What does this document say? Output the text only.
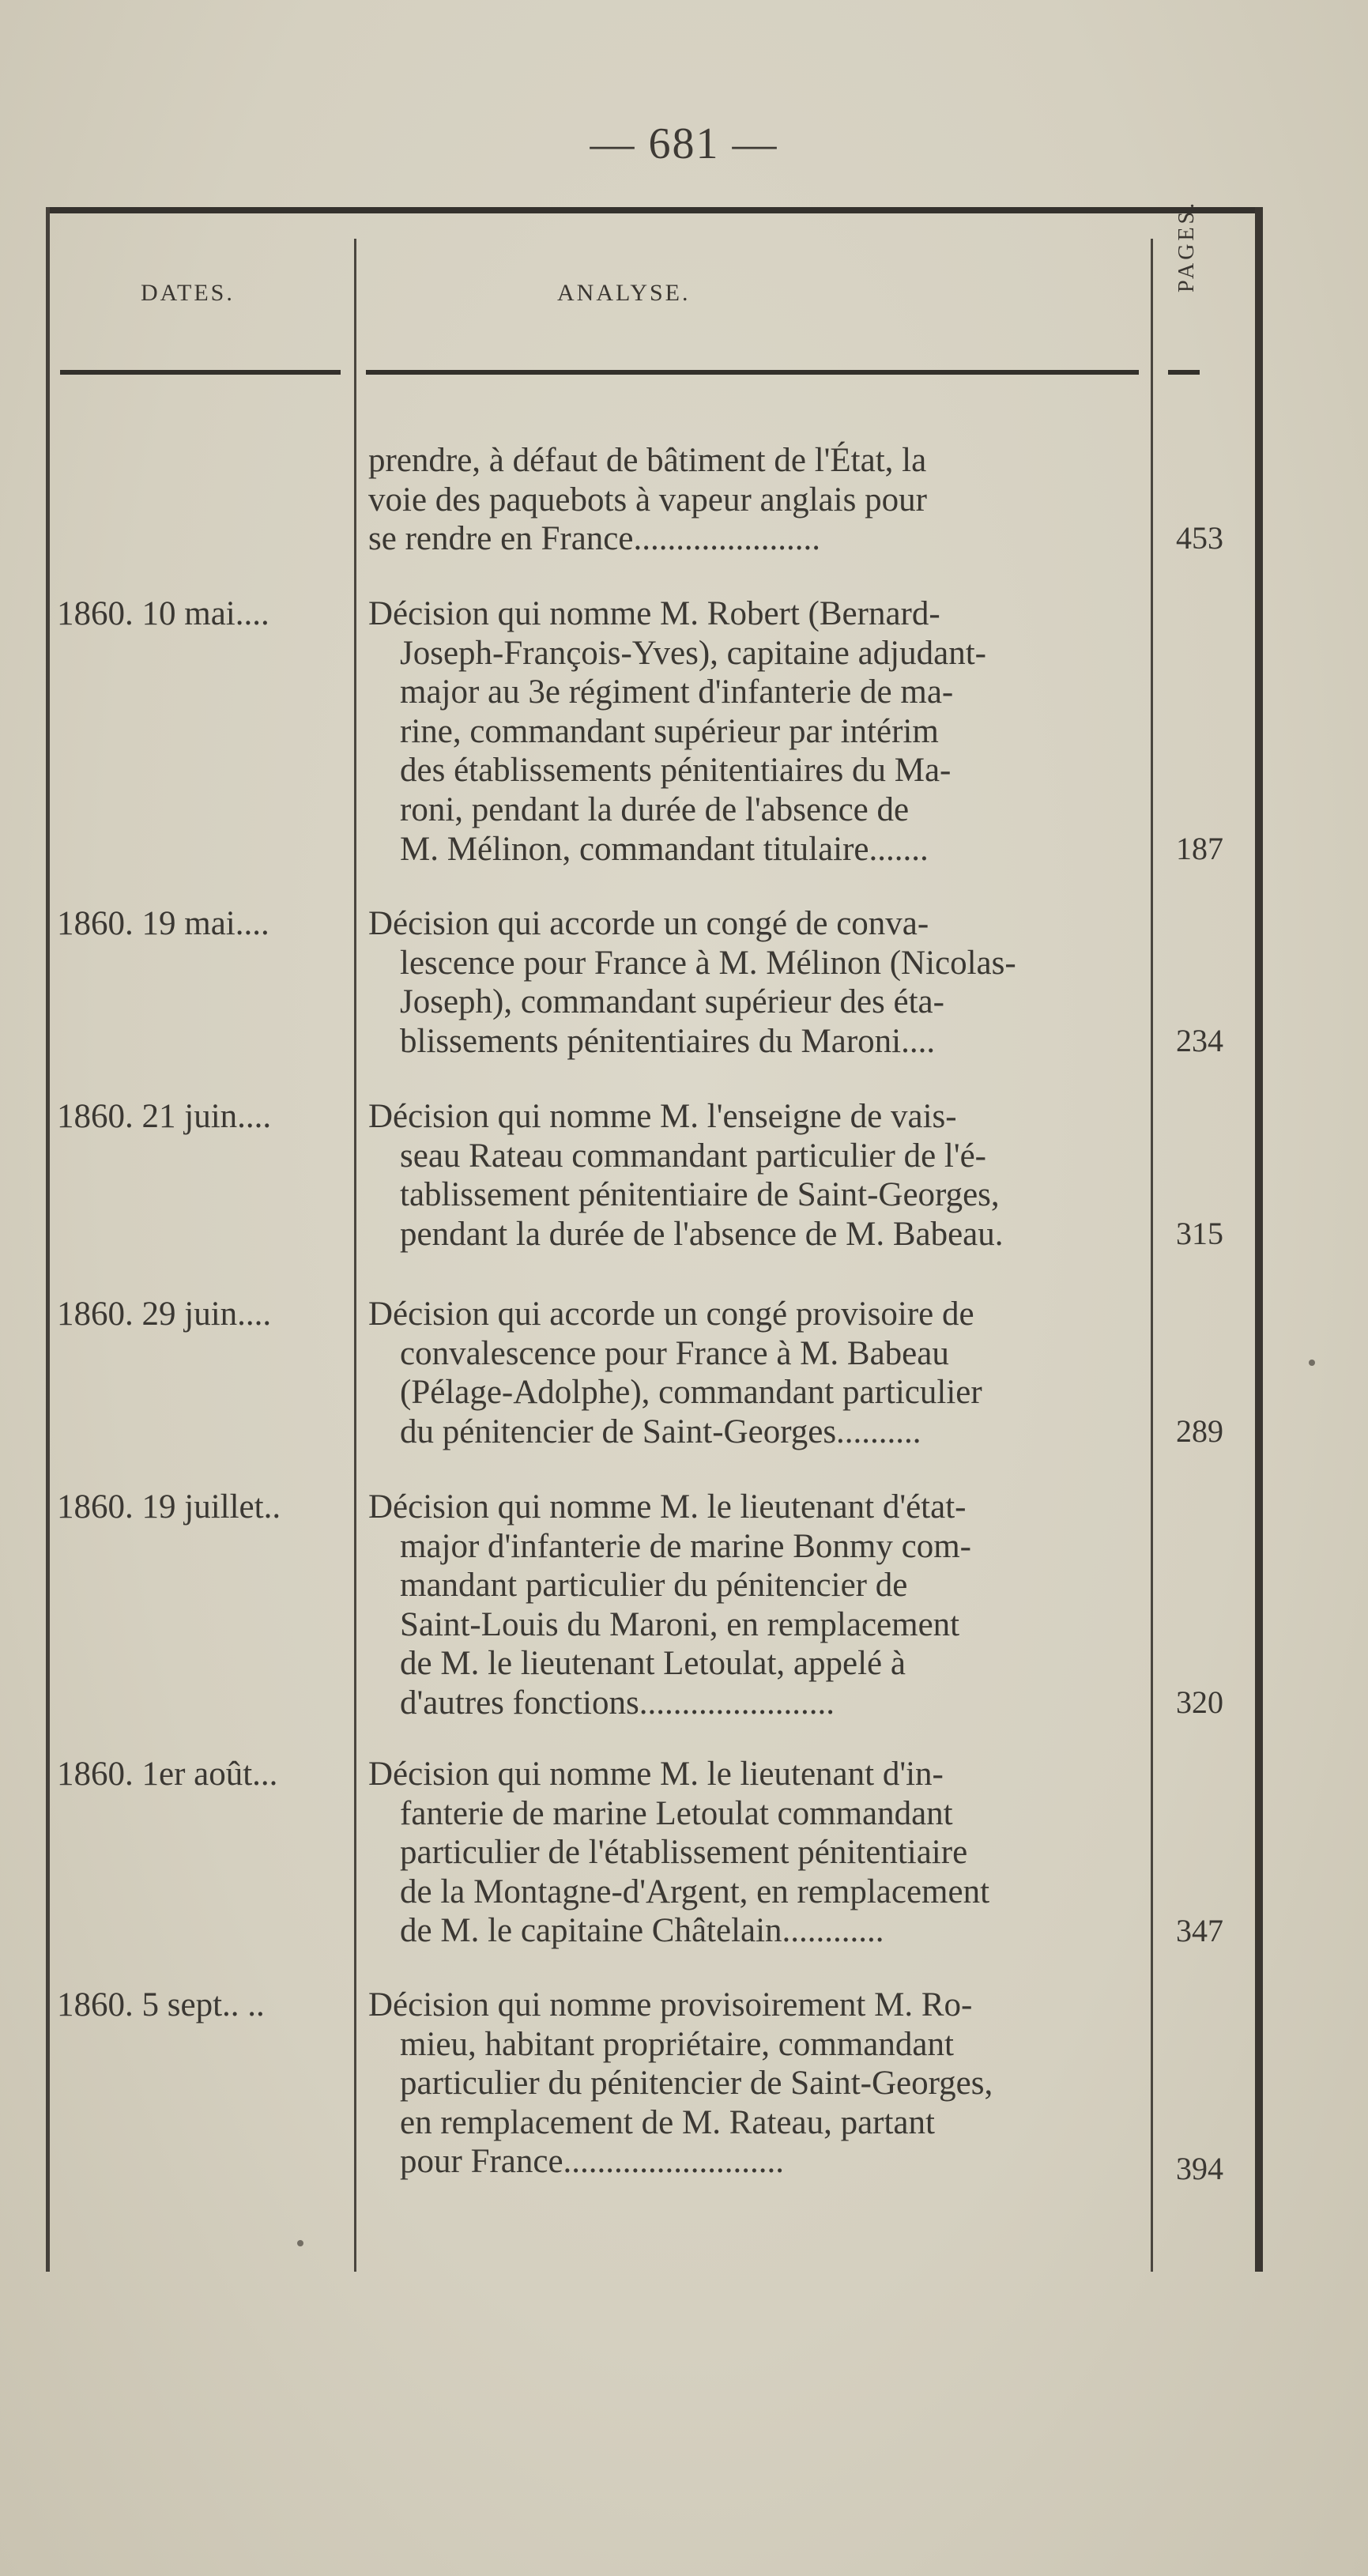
— 681 —
DATES.	ANALYSE.
PAGES.
prendre, à défaut de bâtiment de l'État, la
voie des paquebots à vapeur anglais pour
se rendre en France......................	453
1860. 10 mai....	Décision qui nomme M. Robert (Bernard-
Joseph-François-Yves), capitaine adjudant-
major au 3e régiment d'infanterie de ma-
rine, commandant supérieur par intérim
des établissements pénitentiaires du Ma-
roni, pendant la durée de l'absence de
M. Mélinon, commandant titulaire.......	187
1860. 19 mai....	Décision qui accorde un congé de conva-
lescence pour France à M. Mélinon (Nicolas-
Joseph), commandant supérieur des éta-
blissements pénitentiaires du Maroni....	234
1860. 21 juin....	Décision qui nomme M. l'enseigne de vais-
seau Rateau commandant particulier de l'é-
tablissement pénitentiaire de Saint-Georges,
pendant la durée de l'absence de M. Babeau.	315
1860. 29 juin....	Décision qui accorde un congé provisoire de
convalescence pour France à M. Babeau
(Pélage-Adolphe), commandant particulier
du pénitencier de Saint-Georges..........	289
1860. 19 juillet..	Décision qui nomme M. le lieutenant d'état-
major d'infanterie de marine Bonmy com-
mandant particulier du pénitencier de
Saint-Louis du Maroni, en remplacement
de M. le lieutenant Letoulat, appelé à
d'autres fonctions.......................	320
1860. 1er août...	Décision qui nomme M. le lieutenant d'in-
fanterie de marine Letoulat commandant
particulier de l'établissement pénitentiaire
de la Montagne-d'Argent, en remplacement
de M. le capitaine Châtelain............	347
1860. 5 sept.. ..	Décision qui nomme provisoirement M. Ro-
mieu, habitant propriétaire, commandant
particulier du pénitencier de Saint-Georges,
en remplacement de M. Rateau, partant
pour France..........................	394
